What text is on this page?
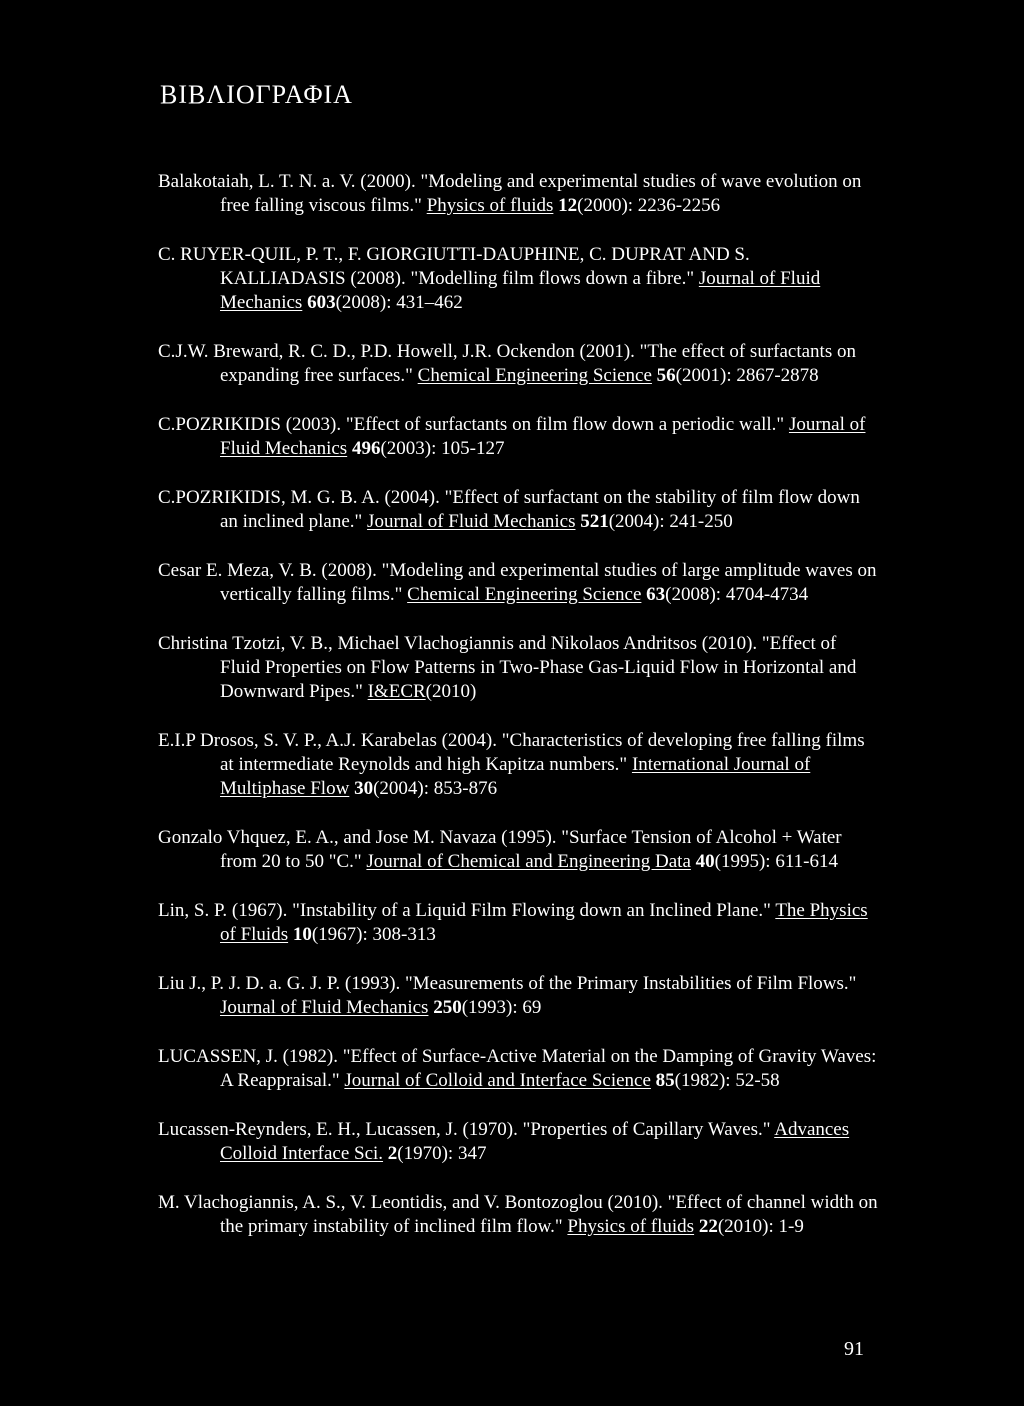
ΒΙΒΛΙΟΓΡΑΦΙΑ
Balakotaiah, L. T. N. a. V. (2000). "Modeling and experimental studies of wave evolution on free falling viscous films." Physics of fluids 12(2000): 2236-2256
C. RUYER-QUIL, P. T., F. GIORGIUTTI-DAUPHINE, C. DUPRAT AND S. KALLIADASIS (2008). "Modelling film flows down a fibre." Journal of Fluid Mechanics 603(2008): 431–462
C.J.W. Breward, R. C. D., P.D. Howell, J.R. Ockendon (2001). "The effect of surfactants on expanding free surfaces." Chemical Engineering Science 56(2001): 2867-2878
C.POZRIKIDIS (2003). "Effect of surfactants on film flow down a periodic wall." Journal of Fluid Mechanics 496(2003): 105-127
C.POZRIKIDIS, M. G. B. A. (2004). "Effect of surfactant on the stability of film flow down an inclined plane." Journal of Fluid Mechanics 521(2004): 241-250
Cesar E. Meza, V. B. (2008). "Modeling and experimental studies of large amplitude waves on vertically falling films." Chemical Engineering Science 63(2008): 4704-4734
Christina Tzotzi, V. B., Michael Vlachogiannis and Nikolaos Andritsos (2010). "Effect of Fluid Properties on Flow Patterns in Two-Phase Gas-Liquid Flow in Horizontal and Downward Pipes." I&ECR(2010)
E.I.P Drosos, S. V. P., A.J. Karabelas (2004). "Characteristics of developing free falling films at intermediate Reynolds and high Kapitza numbers." International Journal of Multiphase Flow 30(2004): 853-876
Gonzalo Vhquez, E. A., and Jose M. Navaza (1995). "Surface Tension of Alcohol + Water from 20 to 50 "C." Journal of Chemical and Engineering Data 40(1995): 611-614
Lin, S. P. (1967). "Instability of a Liquid Film Flowing down an Inclined Plane." The Physics of Fluids 10(1967): 308-313
Liu J., P. J. D. a. G. J. P. (1993). "Measurements of the Primary Instabilities of Film Flows." Journal of Fluid Mechanics 250(1993): 69
LUCASSEN, J. (1982). "Effect of Surface-Active Material on the Damping of Gravity Waves: A Reappraisal." Journal of Colloid and Interface Science 85(1982): 52-58
Lucassen-Reynders, E. H., Lucassen, J. (1970). "Properties of Capillary Waves." Advances Colloid Interface Sci. 2(1970): 347
M. Vlachogiannis, A. S., V. Leontidis, and V. Bontozoglou (2010). "Effect of channel width on the primary instability of inclined film flow." Physics of fluids 22(2010): 1-9
91
